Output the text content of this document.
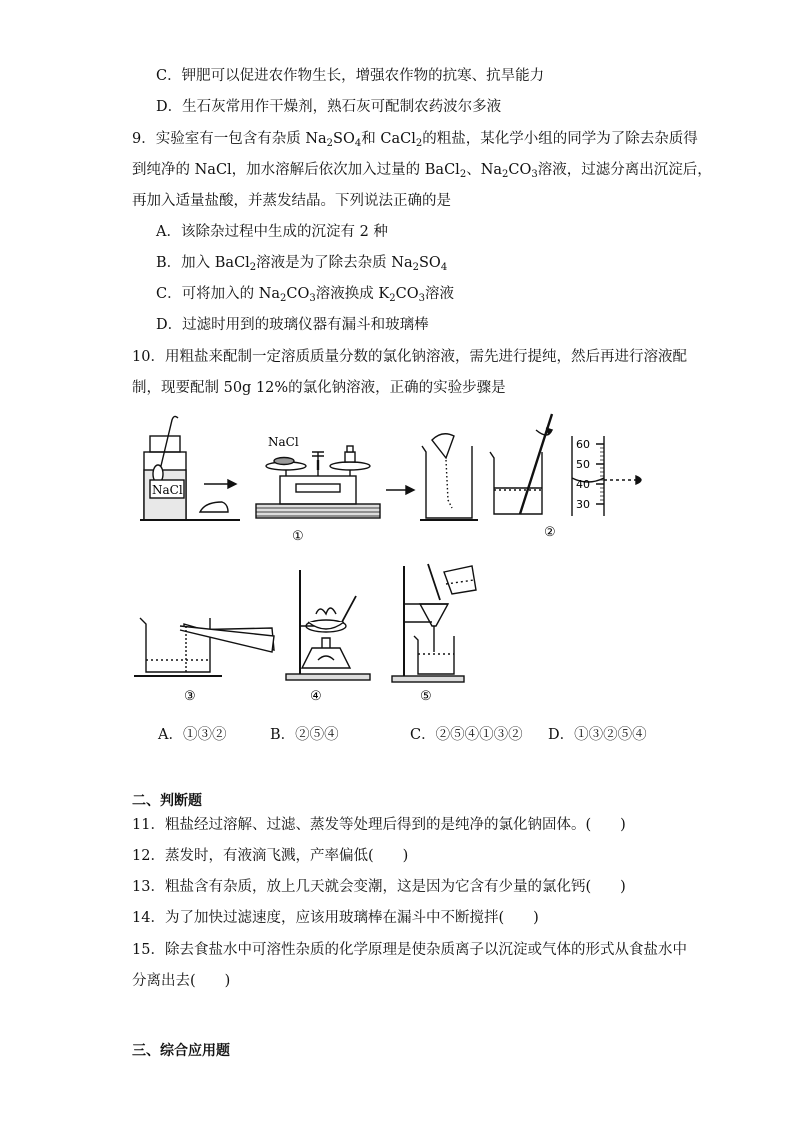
C．钾肥可以促进农作物生长，增强农作物的抗寒、抗旱能力
D．生石灰常用作干燥剂，熟石灰可配制农药波尔多液
9．实验室有一包含有杂质 $Na_2SO_4$和 CaCl$_2$的粗盐，某化学小组的同学为了除去杂质得
到纯净的 NaCl，加水溶解后依次加入过量的 BaCl$_2$、$Na_2CO_3$溶液，过滤分离出沉淀后，
再加入适量盐酸，并蒸发结晶。下列说法正确的是
A．该除杂过程中生成的沉淀有 2 种
B．加入 BaCl$_2$溶液是为了除去杂质 $Na_2SO_4$
C．可将加入的 $Na_2CO_3$溶液换成 $K_2CO_3$溶液
D．过滤时用到的玻璃仪器有漏斗和玻璃棒
10．用粗盐来配制一定溶质质量分数的氯化钠溶液，需先进行提纯，然后再进行溶液配
制，现要配制 50g 12%的氯化钠溶液，正确的实验步骤是
NaCl
NaCl	60
50
40
30
①	②
③	④	⑤
A．①③②	B．②⑤④	C．②⑤④①③② D．①③②⑤④
二、判断题
11．粗盐经过溶解、过滤、蒸发等处理后得到的是纯净的氯化钠固体。(　　)
12．蒸发时，有液滴飞溅，产率偏低(　　)
13．粗盐含有杂质，放上几天就会变潮，这是因为它含有少量的氯化钙(　　)
14．为了加快过滤速度，应该用玻璃棒在漏斗中不断搅拌(　　)
15．除去食盐水中可溶性杂质的化学原理是使杂质离子以沉淀或气体的形式从食盐水中
分离出去(　　)
三、综合应用题
